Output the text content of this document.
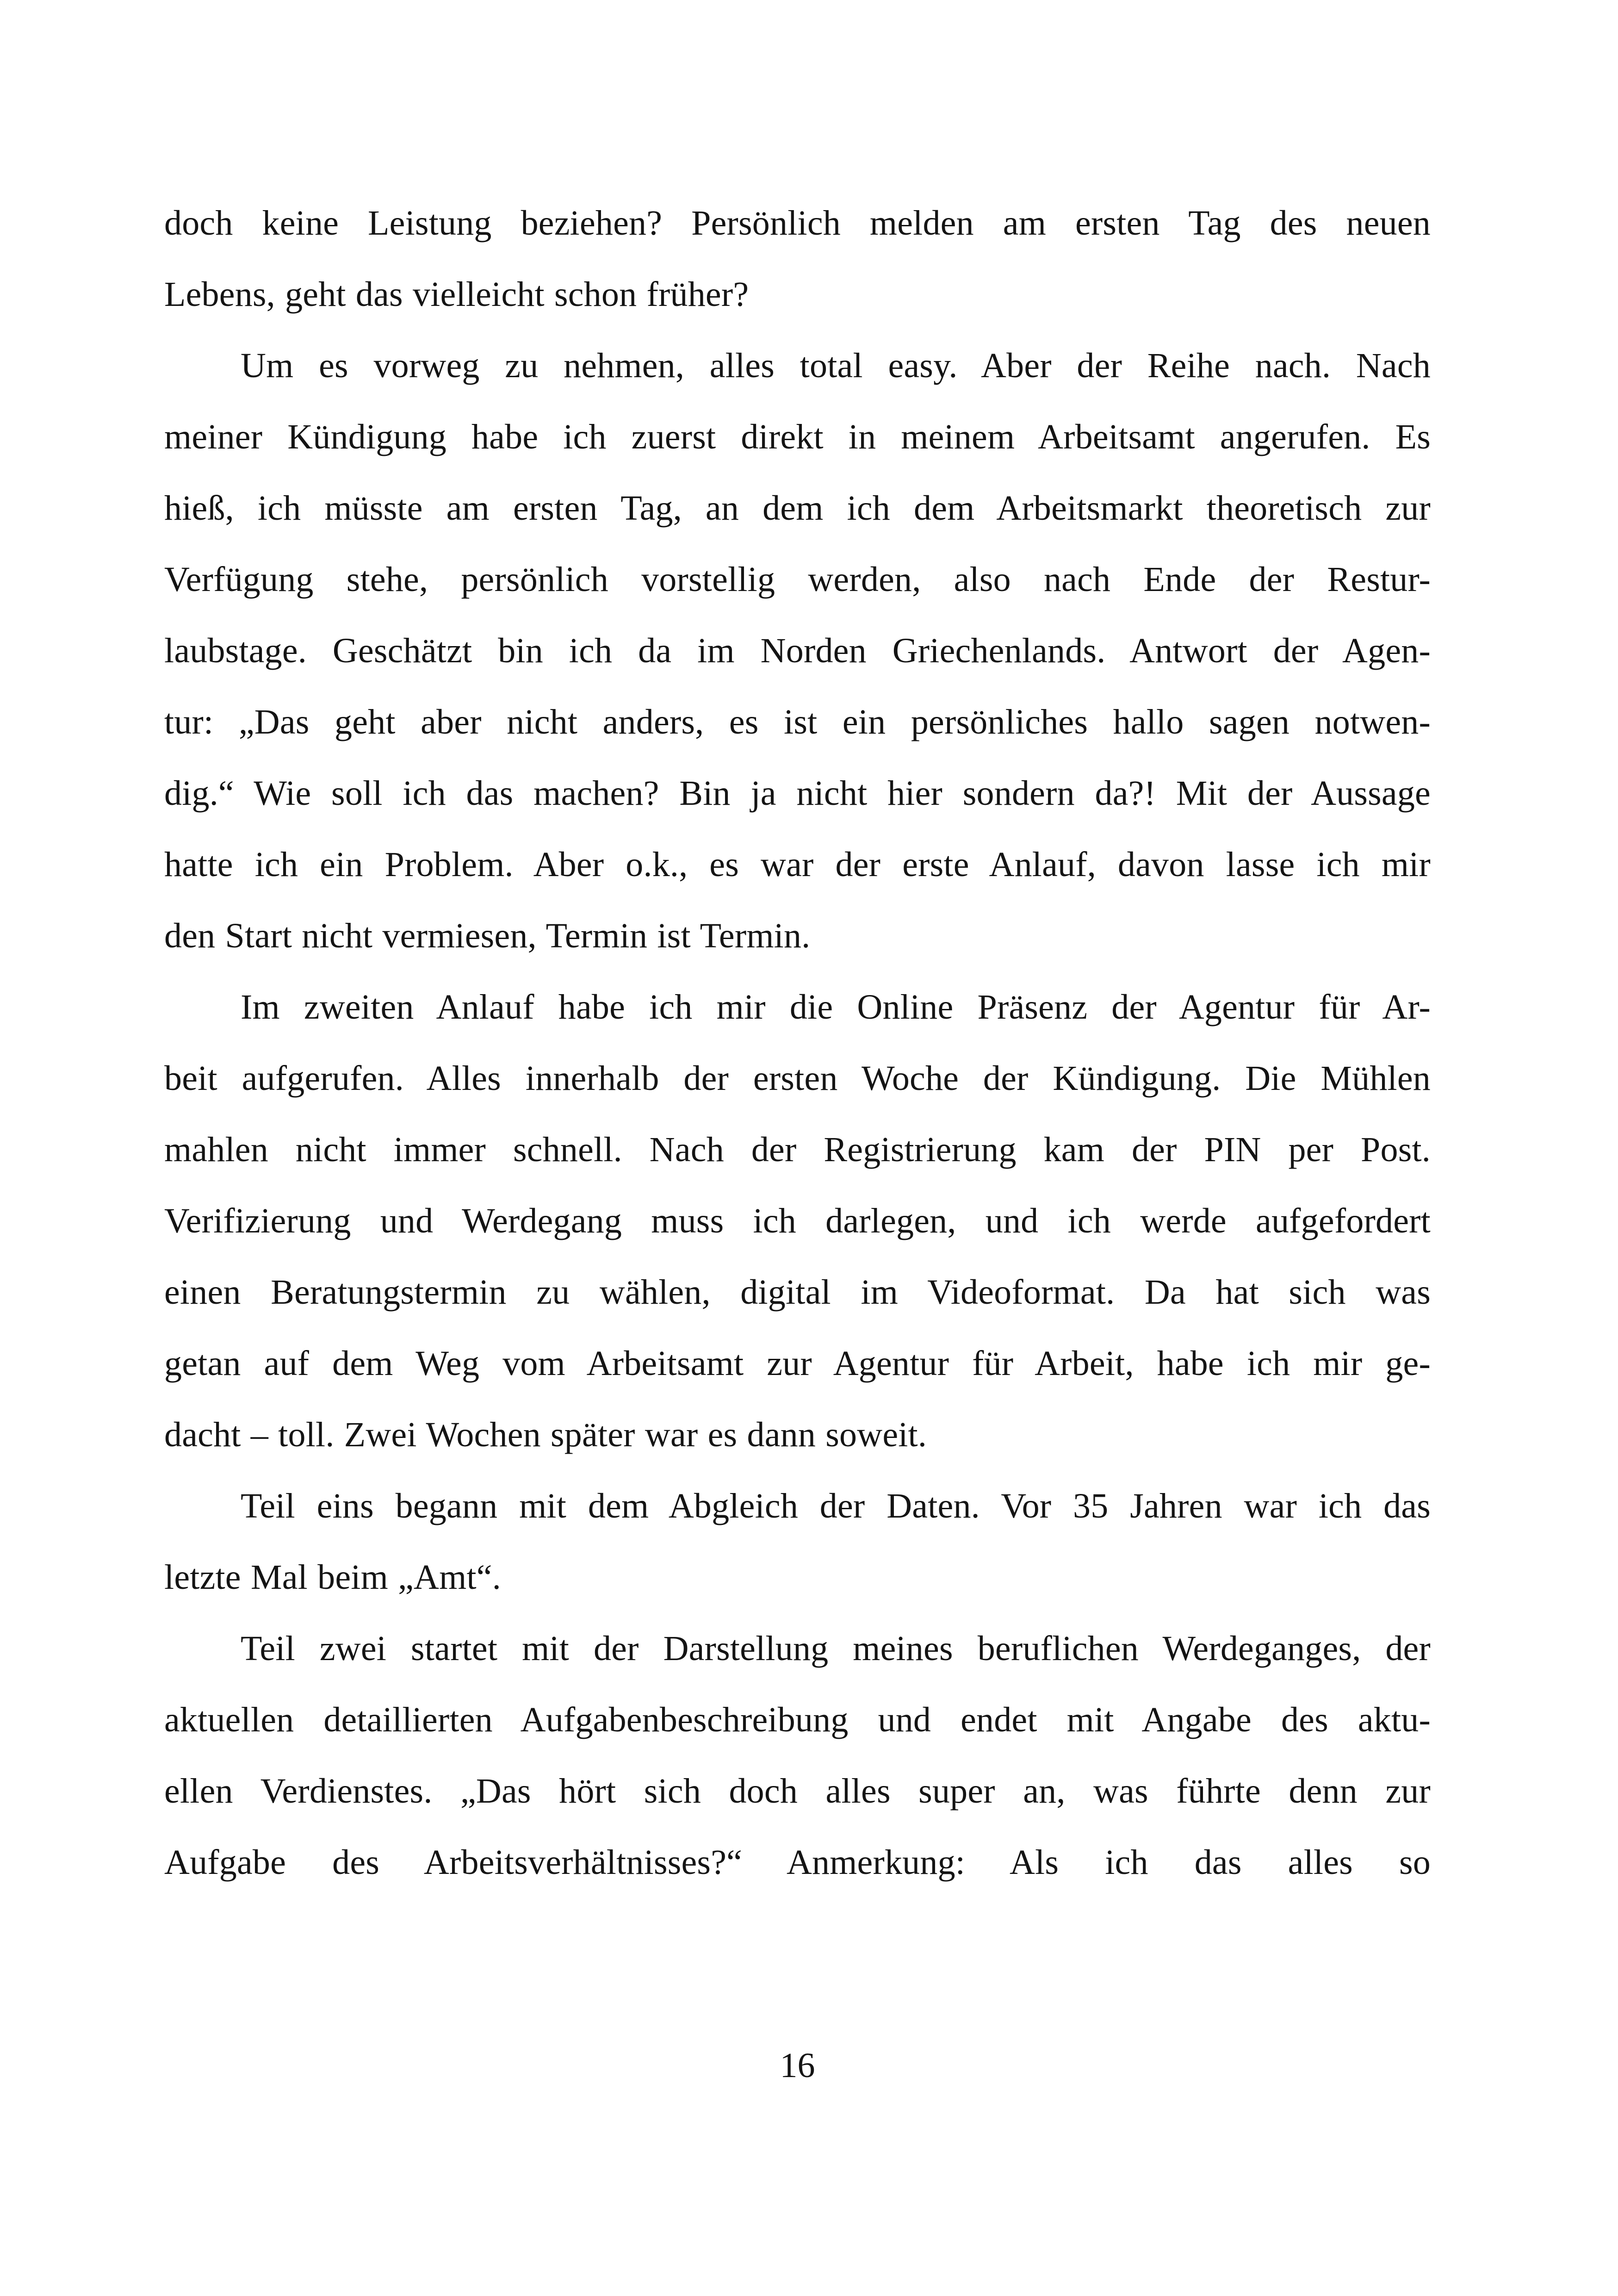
doch keine Leistung beziehen? Persönlich melden am ersten Tag des neuen

Lebens, geht das vielleicht schon früher?

Um es vorweg zu nehmen, alles total easy. Aber der Reihe nach. Nach

meiner Kündigung habe ich zuerst direkt in meinem Arbeitsamt angerufen. Es

hieß, ich müsste am ersten Tag, an dem ich dem Arbeitsmarkt theoretisch zur

Verfügung stehe, persönlich vorstellig werden, also nach Ende der Restur-

laubstage. Geschätzt bin ich da im Norden Griechenlands. Antwort der Agen-

tur: „Das geht aber nicht anders, es ist ein persönliches hallo sagen notwen-

dig.“ Wie soll ich das machen? Bin ja nicht hier sondern da?! Mit der Aussage

hatte ich ein Problem. Aber o.k., es war der erste Anlauf, davon lasse ich mir

den Start nicht vermiesen, Termin ist Termin.

Im zweiten Anlauf habe ich mir die Online Präsenz der Agentur für Ar-

beit aufgerufen. Alles innerhalb der ersten Woche der Kündigung. Die Mühlen

mahlen nicht immer schnell. Nach der Registrierung kam der PIN per Post.

Verifizierung und Werdegang muss ich darlegen, und ich werde aufgefordert

einen Beratungstermin zu wählen, digital im Videoformat. Da hat sich was

getan auf dem Weg vom Arbeitsamt zur Agentur für Arbeit, habe ich mir ge-

dacht – toll. Zwei Wochen später war es dann soweit.

Teil eins begann mit dem Abgleich der Daten. Vor 35 Jahren war ich das

letzte Mal beim „Amt“.

Teil zwei startet mit der Darstellung meines beruflichen Werdeganges, der

aktuellen detaillierten Aufgabenbeschreibung und endet mit Angabe des aktu-

ellen Verdienstes. „Das hört sich doch alles super an, was führte denn zur

Aufgabe des Arbeitsverhältnisses?“ Anmerkung: Als ich das alles so

16
